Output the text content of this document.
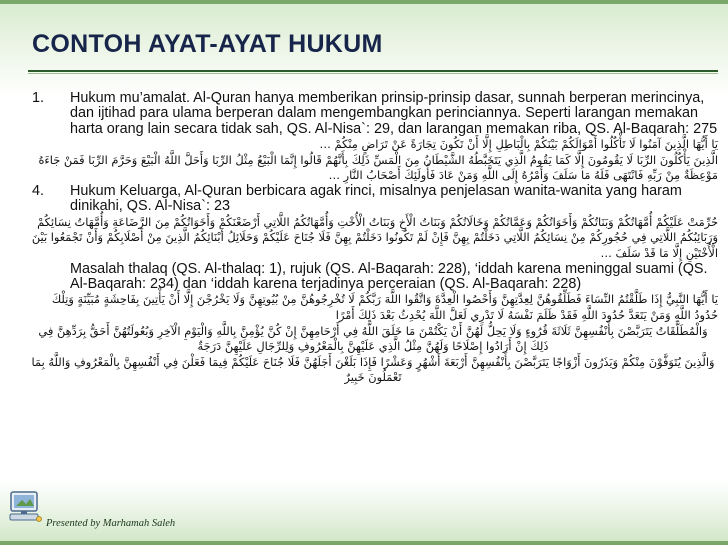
CONTOH AYAT-AYAT HUKUM
1.	Hukum mu’amalat. Al-Quran hanya memberikan prinsip-prinsip dasar, sunnah berperan merincinya, dan ijtihad para ulama berperan dalam mengembangkan perinciannya. Seperti larangan memakan harta orang lain secara tidak sah, QS. Al-Nisa`: 29, dan larangan memakan riba, QS. Al-Baqarah: 275
يَا أَيُّهَا الَّذِينَ آمَنُوا لَا تَأْكُلُوا أَمْوَالَكُمْ بَيْنَكُمْ بِالْبَاطِلِ إِلَّا أَنْ تَكُونَ تِجَارَةً عَنْ تَرَاضٍ مِنْكُمْ …
الَّذِينَ يَأْكُلُونَ الرِّبَا لَا يَقُومُونَ إِلَّا كَمَا يَقُومُ الَّذِي يَتَخَبَّطُهُ الشَّيْطَانُ مِنَ الْمَسِّ ذَلِكَ بِأَنَّهُمْ قَالُوا إِنَّمَا الْبَيْعُ مِثْلُ الرِّبَا وَأَحَلَّ اللَّهُ الْبَيْعَ وَحَرَّمَ الرِّبَا فَمَنْ جَاءَهُ مَوْعِظَةٌ مِنْ رَبِّهِ فَانْتَهَى فَلَهُ مَا سَلَفَ وَأَمْرُهُ إِلَى اللَّهِ وَمَنْ عَادَ فَأُولَئِكَ أَصْحَابُ النَّارِ …
4.	Hukum Keluarga, Al-Quran berbicara agak rinci, misalnya penjelasan wanita-wanita yang haram dinikahi, QS. Al-Nisa`: 23
حُرِّمَتْ عَلَيْكُمْ أُمَّهَاتُكُمْ وَبَنَاتُكُمْ وَأَخَوَاتُكُمْ وَعَمَّاتُكُمْ وَخَالَاتُكُمْ وَبَنَاتُ الْأَخِ وَبَنَاتُ الْأُخْتِ وَأُمَّهَاتُكُمُ اللَّاتِي أَرْضَعْنَكُمْ وَأَخَوَاتُكُمْ مِنَ الرَّضَاعَةِ وَأُمَّهَاتُ نِسَائِكُمْ وَرَبَائِبُكُمُ اللَّاتِي فِي حُجُورِكُمْ مِنْ نِسَائِكُمُ اللَّاتِي دَخَلْتُمْ بِهِنَّ فَإِنْ لَمْ تَكُونُوا دَخَلْتُمْ بِهِنَّ فَلَا جُنَاحَ عَلَيْكُمْ وَحَلَائِلُ أَبْنَائِكُمُ الَّذِينَ مِنْ أَصْلَابِكُمْ وَأَنْ تَجْمَعُوا بَيْنَ الْأُخْتَيْنِ إِلَّا مَا قَدْ سَلَفَ …
Masalah thalaq (QS. Al-thalaq: 1), rujuk (QS. Al-Baqarah: 228), ‘iddah karena meninggal suami (QS. Al-Baqarah: 234) dan ‘iddah karena terjadinya perceraian (QS. Al-Baqarah: 228)
يَا أَيُّهَا النَّبِيُّ إِذَا طَلَّقْتُمُ النِّسَاءَ فَطَلِّقُوهُنَّ لِعِدَّتِهِنَّ وَأَحْصُوا الْعِدَّةَ وَاتَّقُوا اللَّهَ رَبَّكُمْ لَا تُخْرِجُوهُنَّ مِنْ بُيُوتِهِنَّ وَلَا يَخْرُجْنَ إِلَّا أَنْ يَأْتِينَ بِفَاحِشَةٍ مُبَيِّنَةٍ وَتِلْكَ حُدُودُ اللَّهِ وَمَنْ يَتَعَدَّ حُدُودَ اللَّهِ فَقَدْ ظَلَمَ نَفْسَهُ لَا تَدْرِي لَعَلَّ اللَّهَ يُحْدِثُ بَعْدَ ذَلِكَ أَمْرًا
وَالْمُطَلَّقَاتُ يَتَرَبَّصْنَ بِأَنْفُسِهِنَّ ثَلَاثَةَ قُرُوءٍ وَلَا يَحِلُّ لَهُنَّ أَنْ يَكْتُمْنَ مَا خَلَقَ اللَّهُ فِي أَرْحَامِهِنَّ إِنْ كُنَّ يُؤْمِنَّ بِاللَّهِ وَالْيَوْمِ الْآخِرِ وَبُعُولَتُهُنَّ أَحَقُّ بِرَدِّهِنَّ فِي ذَلِكَ إِنْ أَرَادُوا إِصْلَاحًا وَلَهُنَّ مِثْلُ الَّذِي عَلَيْهِنَّ بِالْمَعْرُوفِ وَلِلرِّجَالِ عَلَيْهِنَّ دَرَجَةٌ
وَالَّذِينَ يُتَوَفَّوْنَ مِنْكُمْ وَيَذَرُونَ أَزْوَاجًا يَتَرَبَّصْنَ بِأَنْفُسِهِنَّ أَرْبَعَةَ أَشْهُرٍ وَعَشْرًا فَإِذَا بَلَغْنَ أَجَلَهُنَّ فَلَا جُنَاحَ عَلَيْكُمْ فِيمَا فَعَلْنَ فِي أَنْفُسِهِنَّ بِالْمَعْرُوفِ وَاللَّهُ بِمَا تَعْمَلُونَ خَبِيرٌ
Presented by Marhamah Saleh
